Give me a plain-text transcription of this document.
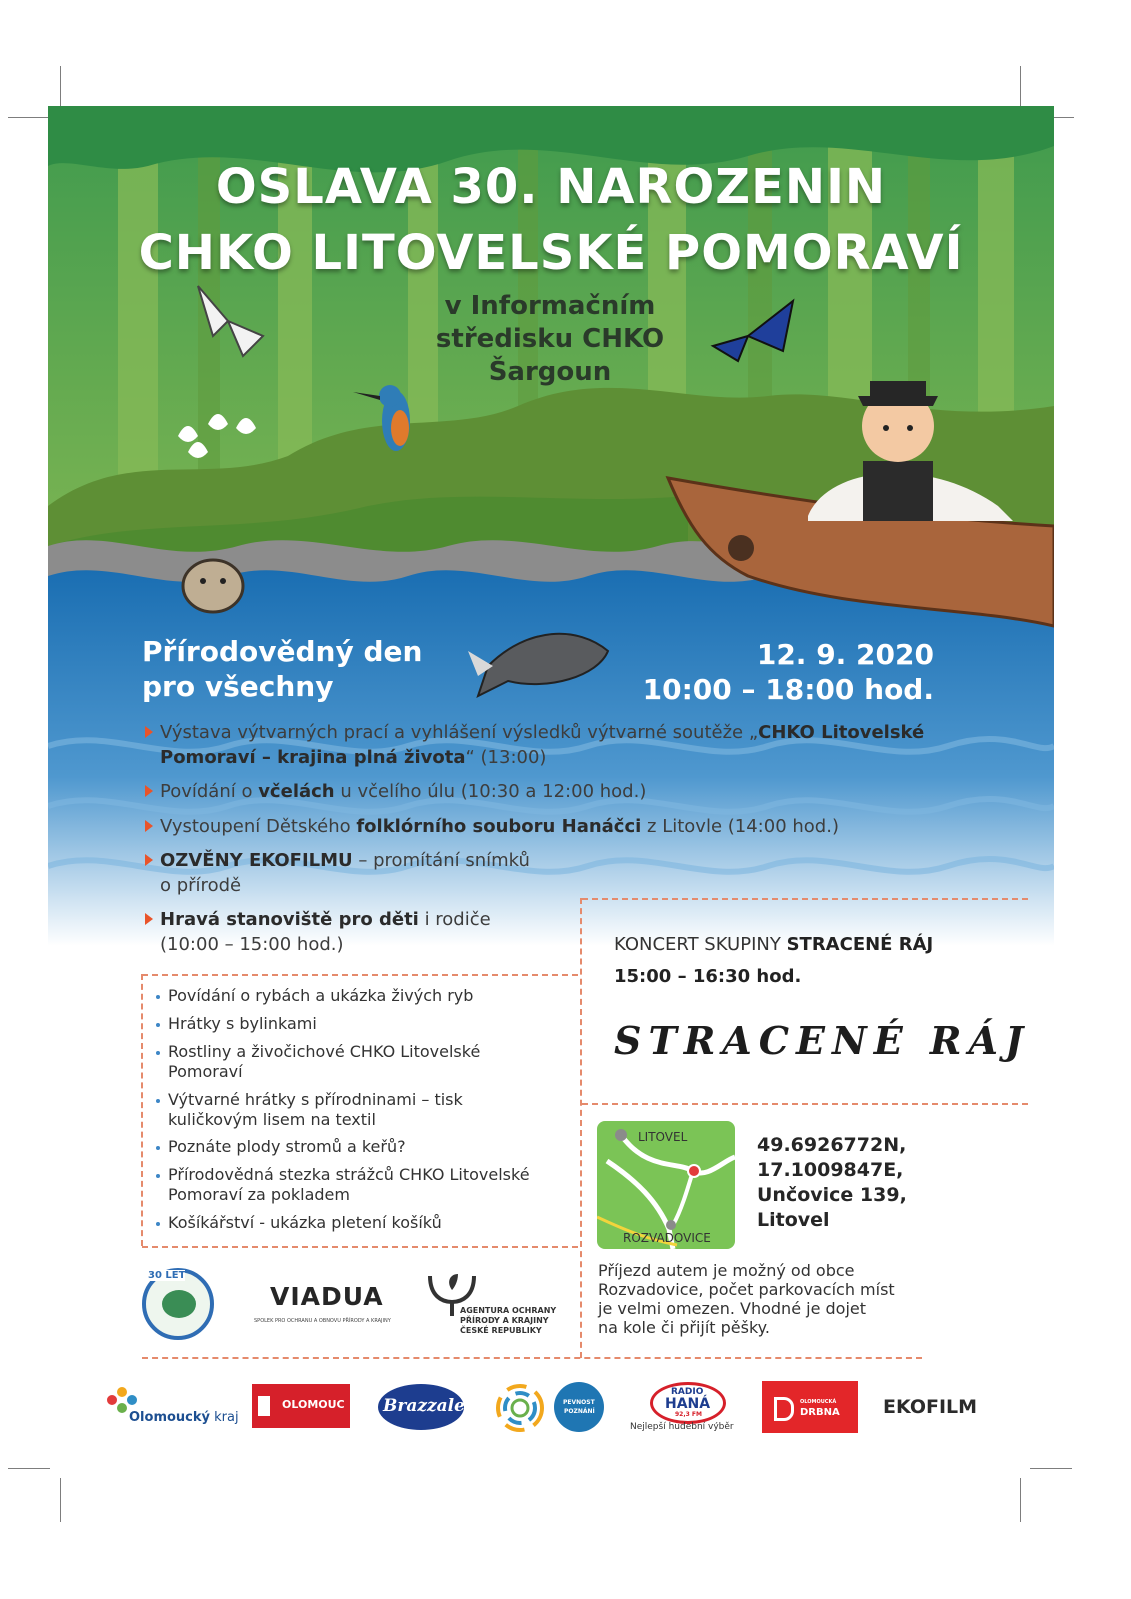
OSLAVA 30. NAROZENIN
CHKO LITOVELSKÉ POMORAVÍ
v Informačním
středisku CHKO
Šargoun
Přírodovědný den
pro všechny
12. 9. 2020
10:00 – 18:00 hod.
Výstava výtvarných prací a vyhlášení výsledků výtvarné soutěže „CHKO Litovelské Pomoraví – krajina plná života“ (13:00)
Povídání o včelách u včelího úlu (10:30 a 12:00 hod.)
Vystoupení Dětského folklórního souboru Hanáčci z Litovle (14:00 hod.)
OZVĚNY EKOFILMU – promítání snímků
o přírodě
Hravá stanoviště pro děti i rodiče
(10:00 – 15:00 hod.)
Povídání o rybách a ukázka živých ryb
Hrátky s bylinkami
Rostliny a živočichové CHKO Litovelské
Pomoraví
Výtvarné hrátky s přírodninami – tisk
kuličkovým lisem na textil
Poznáte plody stromů a keřů?
Přírodovědná stezka strážců CHKO Litovelské
Pomoraví za pokladem
Košíkářství - ukázka pletení košíků
KONCERT SKUPINY STRACENÉ RÁJ
15:00 – 16:30 hod.
STRACENÉ RÁJ
LITOVEL
ROZVADOVICE
49.6926772N,
17.1009847E,
Unčovice 139,
Litovel
Příjezd autem je možný od obce
Rozvadovice, počet parkovacích míst
je velmi omezen. Vhodné je dojet
na kole či přijít pěšky.
30 LET
VIADUA
SPOLEK PRO OCHRANU A OBNOVU PŘÍRODY A KRAJINY
AGENTURA OCHRANY
PŘÍRODY A KRAJINY
ČESKÉ REPUBLIKY
Olomoucký kraj
OLOMOUC Brazzale	PEVNOST
POZNÁNÍ
RADIO
HANÁ
92,3 FM
Nejlepší hudební výběr
OLOMOUCKÁ
DRBNA EKOFILM
